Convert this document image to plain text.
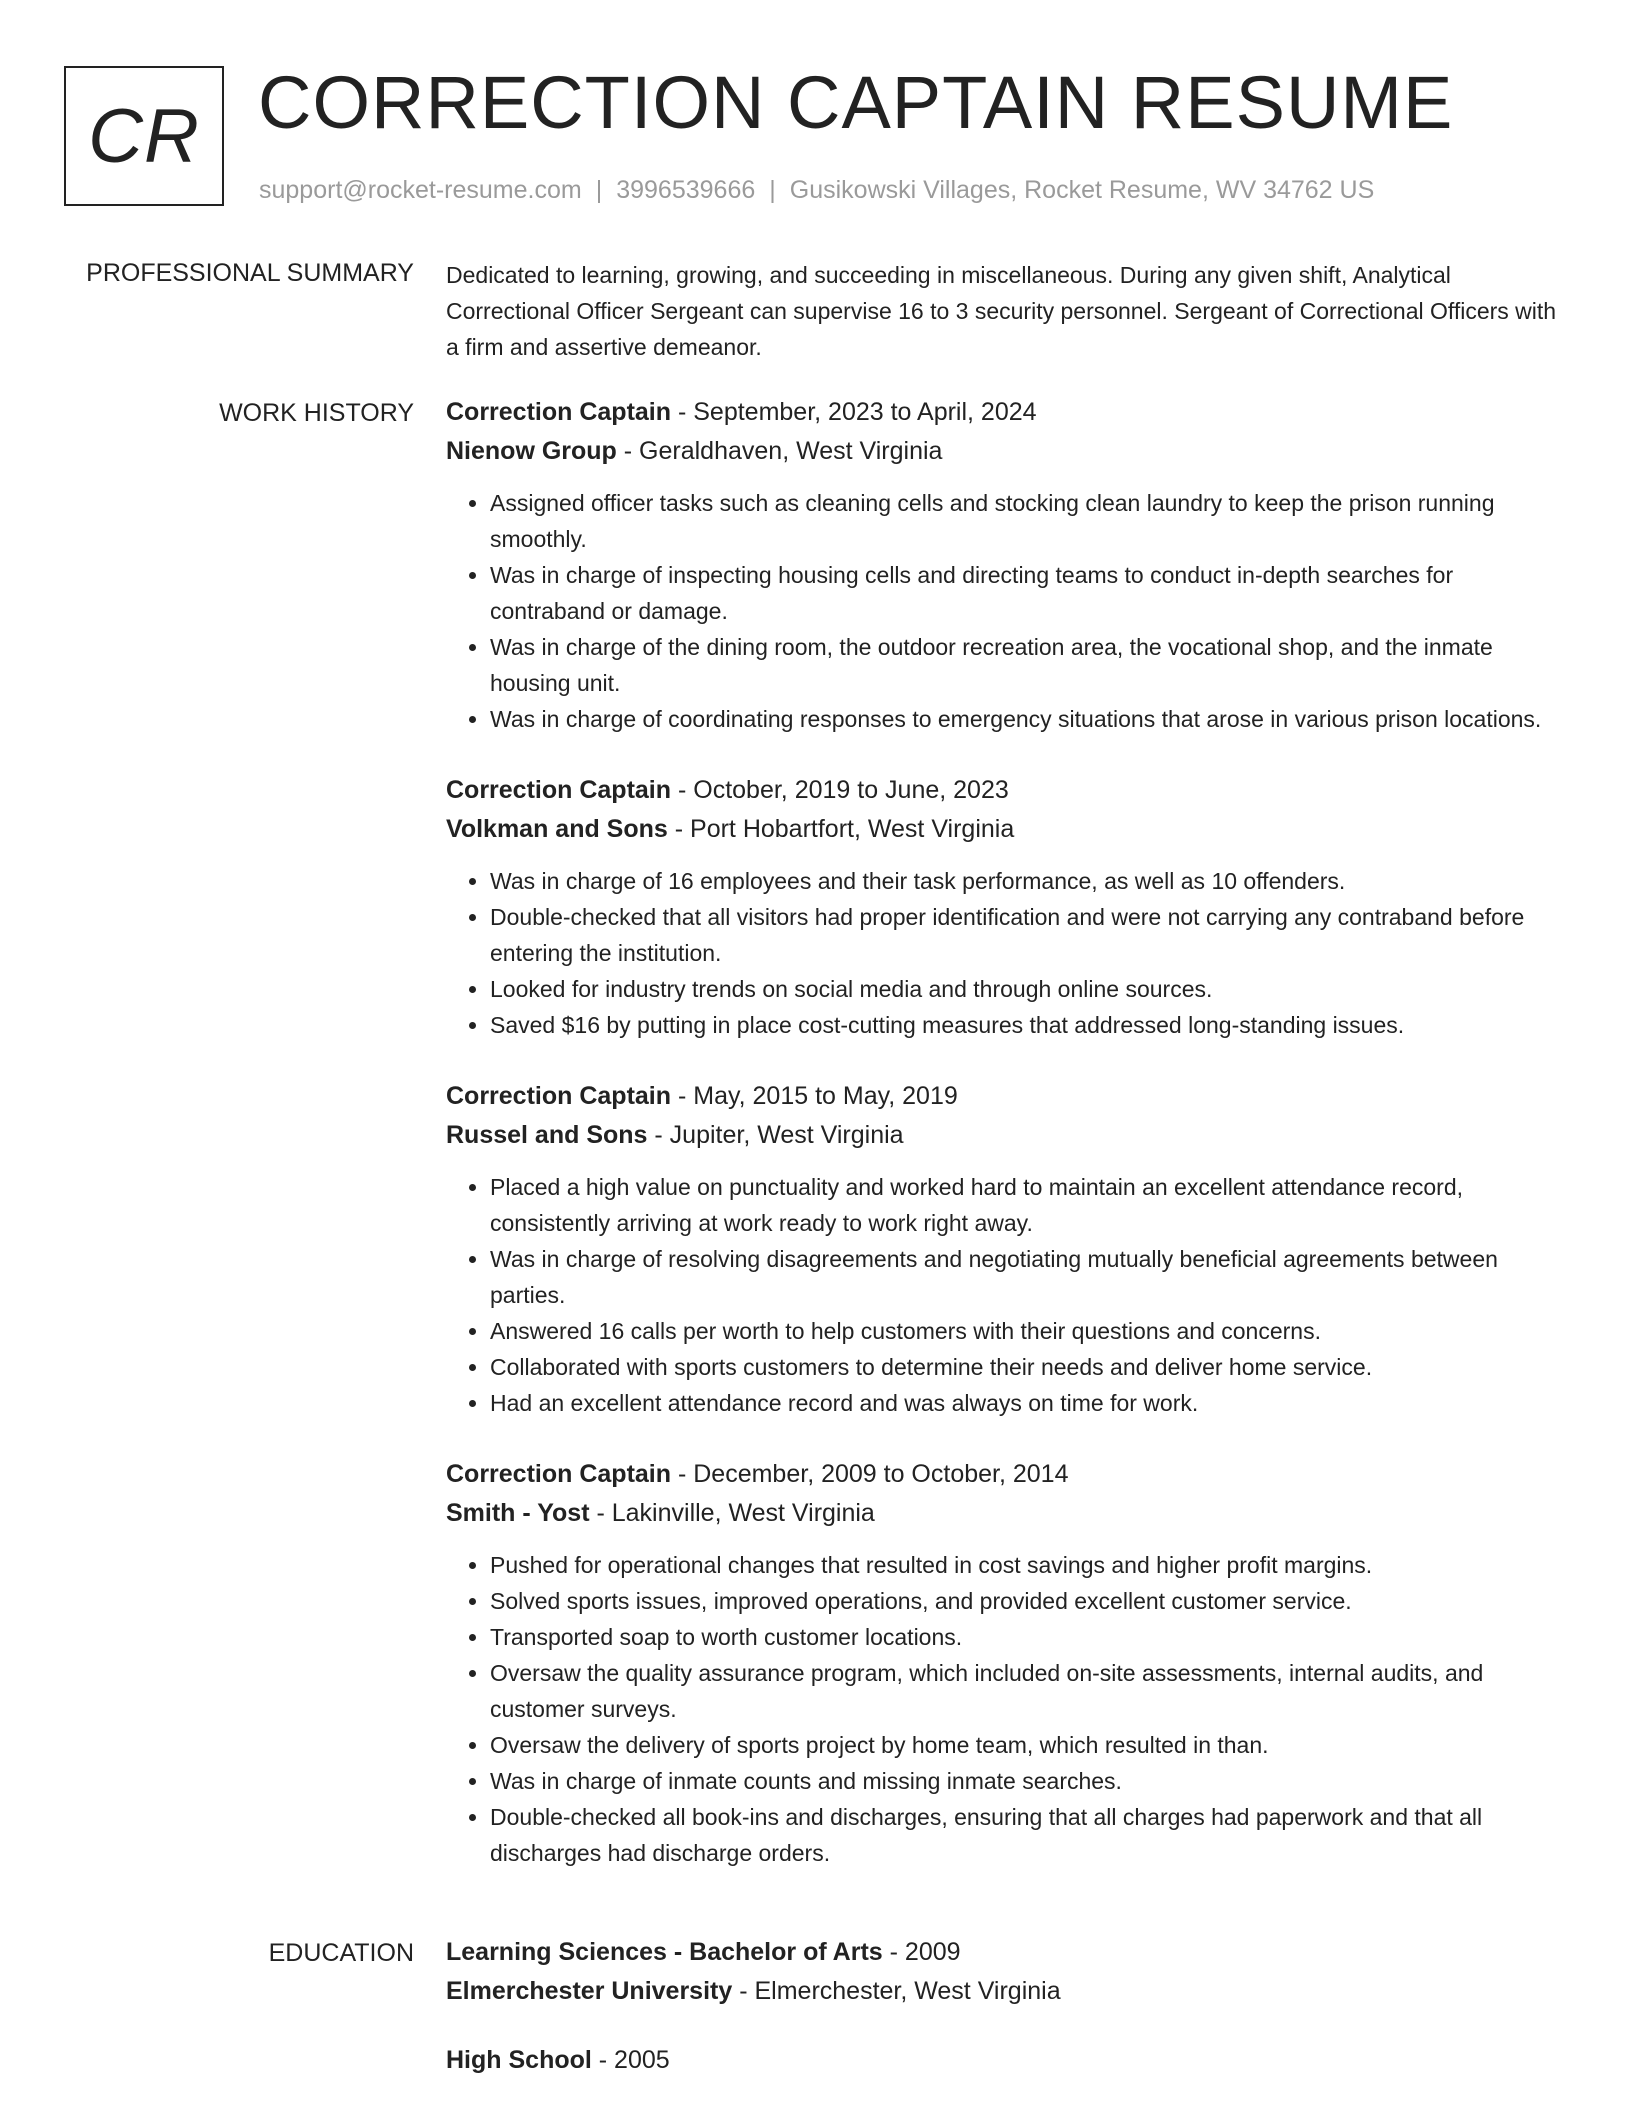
CR CORRECTION CAPTAIN RESUME
support@rocket-resume.com | 3996539666 | Gusikowski Villages, Rocket Resume, WV 34762 US
PROFESSIONAL SUMMARY Dedicated to learning, growing, and succeeding in miscellaneous. During any given shift, Analytical Correctional Officer Sergeant can supervise 16 to 3 security personnel. Sergeant of Correctional Officers with a firm and assertive demeanor.

WORK HISTORY Correction Captain - September, 2023 to April, 2024

Nienow Group - Geraldhaven, West Virginia

• Assigned officer tasks such as cleaning cells and stocking clean laundry to keep the prison running smoothly.
• Was in charge of inspecting housing cells and directing teams to conduct in-depth searches for contraband or damage.
• Was in charge of the dining room, the outdoor recreation area, the vocational shop, and the inmate housing unit.
• Was in charge of coordinating responses to emergency situations that arose in various prison locations.

Correction Captain - October, 2019 to June, 2023

Volkman and Sons - Port Hobartfort, West Virginia

• Was in charge of 16 employees and their task performance, as well as 10 offenders.
• Double-checked that all visitors had proper identification and were not carrying any contraband before entering the institution.
• Looked for industry trends on social media and through online sources.
• Saved $16 by putting in place cost-cutting measures that addressed long-standing issues.

Correction Captain - May, 2015 to May, 2019

Russel and Sons - Jupiter, West Virginia

• Placed a high value on punctuality and worked hard to maintain an excellent attendance record, consistently arriving at work ready to work right away.
• Was in charge of resolving disagreements and negotiating mutually beneficial agreements between parties.
• Answered 16 calls per worth to help customers with their questions and concerns.
• Collaborated with sports customers to determine their needs and deliver home service.
• Had an excellent attendance record and was always on time for work.

Correction Captain - December, 2009 to October, 2014

Smith - Yost - Lakinville, West Virginia

• Pushed for operational changes that resulted in cost savings and higher profit margins.
• Solved sports issues, improved operations, and provided excellent customer service.
• Transported soap to worth customer locations.
• Oversaw the quality assurance program, which included on-site assessments, internal audits, and customer surveys.
• Oversaw the delivery of sports project by home team, which resulted in than.
• Was in charge of inmate counts and missing inmate searches.
• Double-checked all book-ins and discharges, ensuring that all charges had paperwork and that all discharges had discharge orders.
EDUCATION Learning Sciences - Bachelor of Arts - 2009

Elmerchester University - Elmerchester, West Virginia

High School - 2005
